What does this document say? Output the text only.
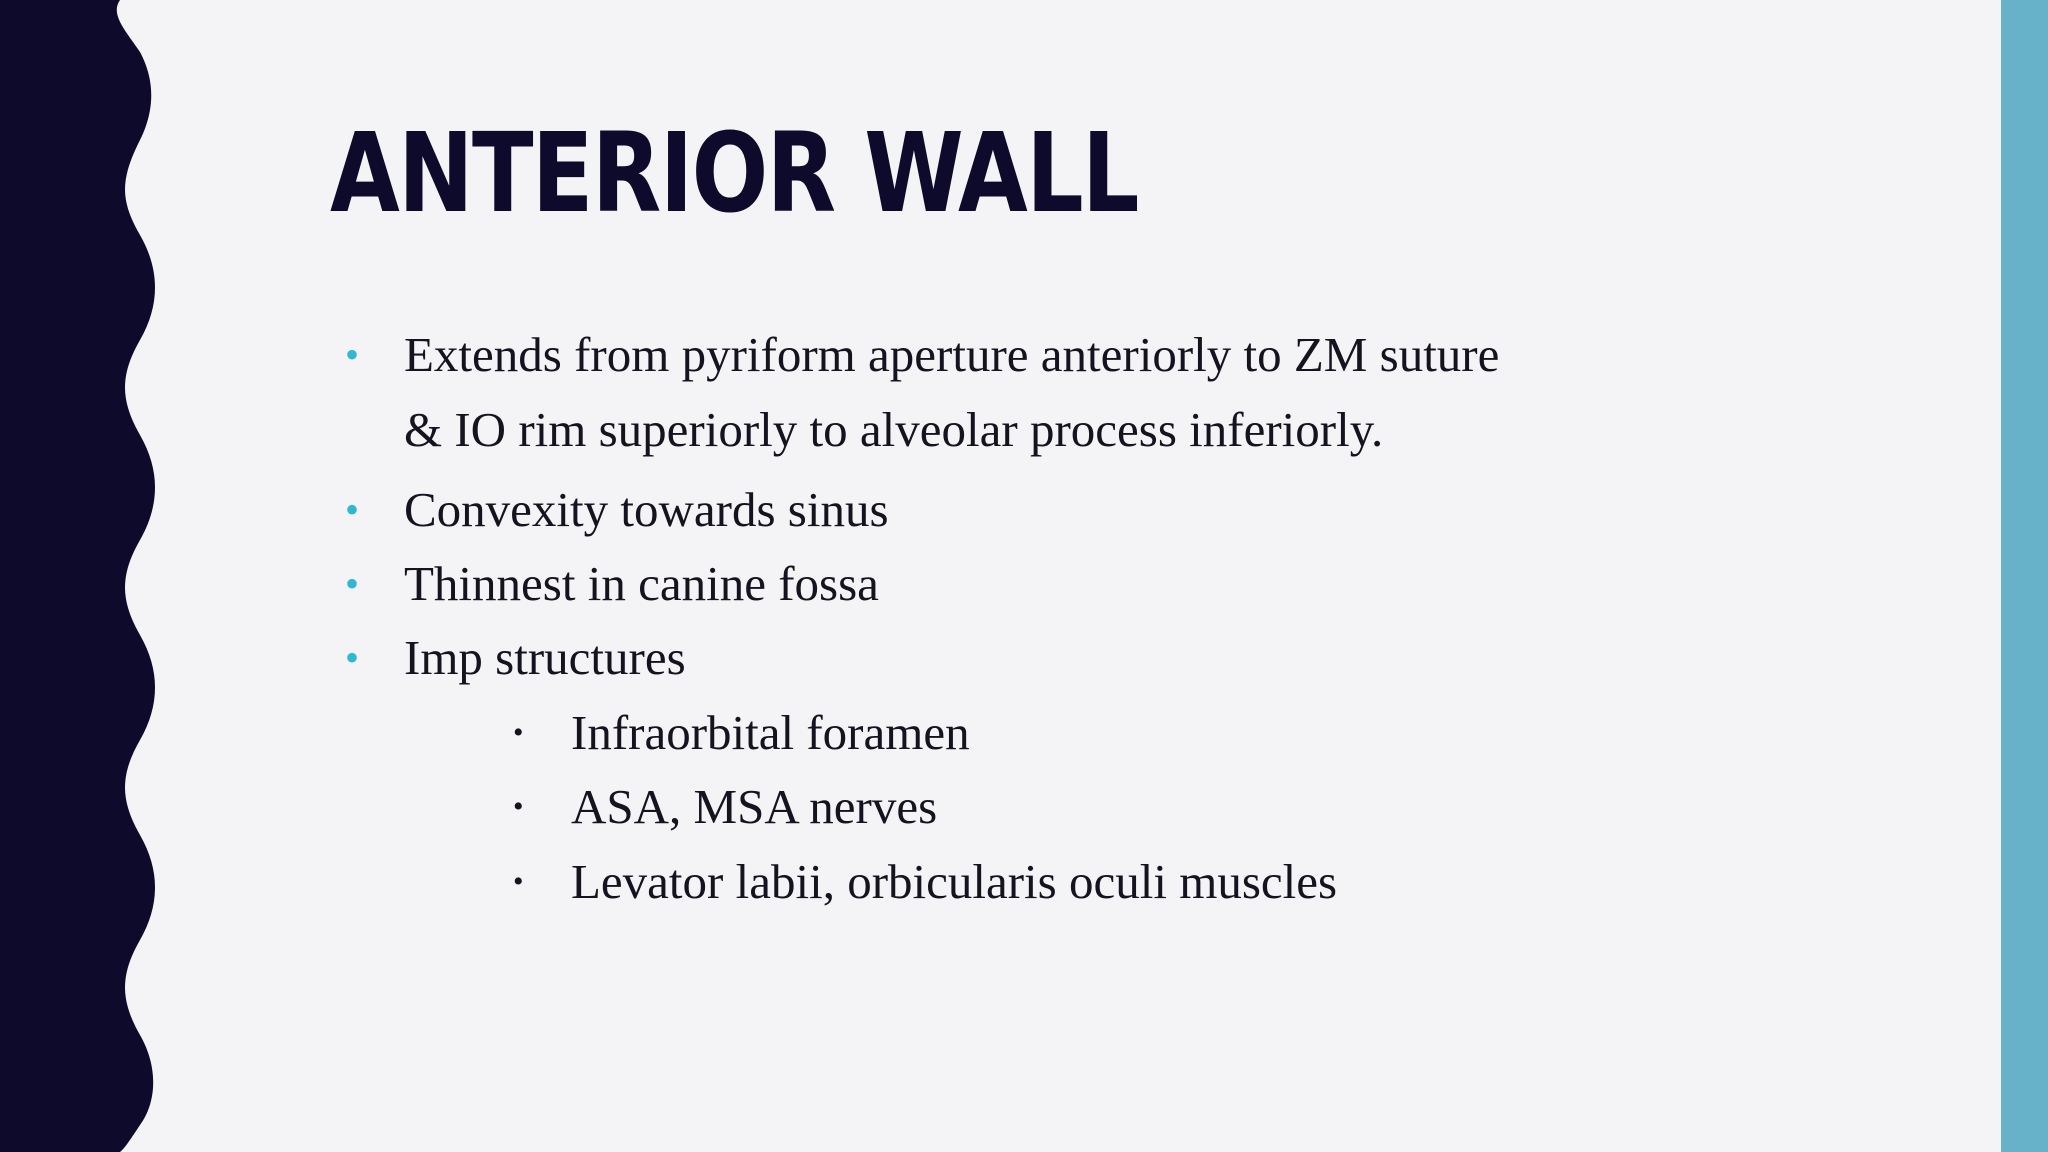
ANTERIOR WALL
• Extends from pyriform aperture anteriorly to ZM suture
& IO rim superiorly to alveolar process inferiorly.
• Convexity towards sinus
• Thinnest in canine fossa
• Imp structures
• Infraorbital foramen
• ASA, MSA nerves
• Levator labii, orbicularis oculi muscles
